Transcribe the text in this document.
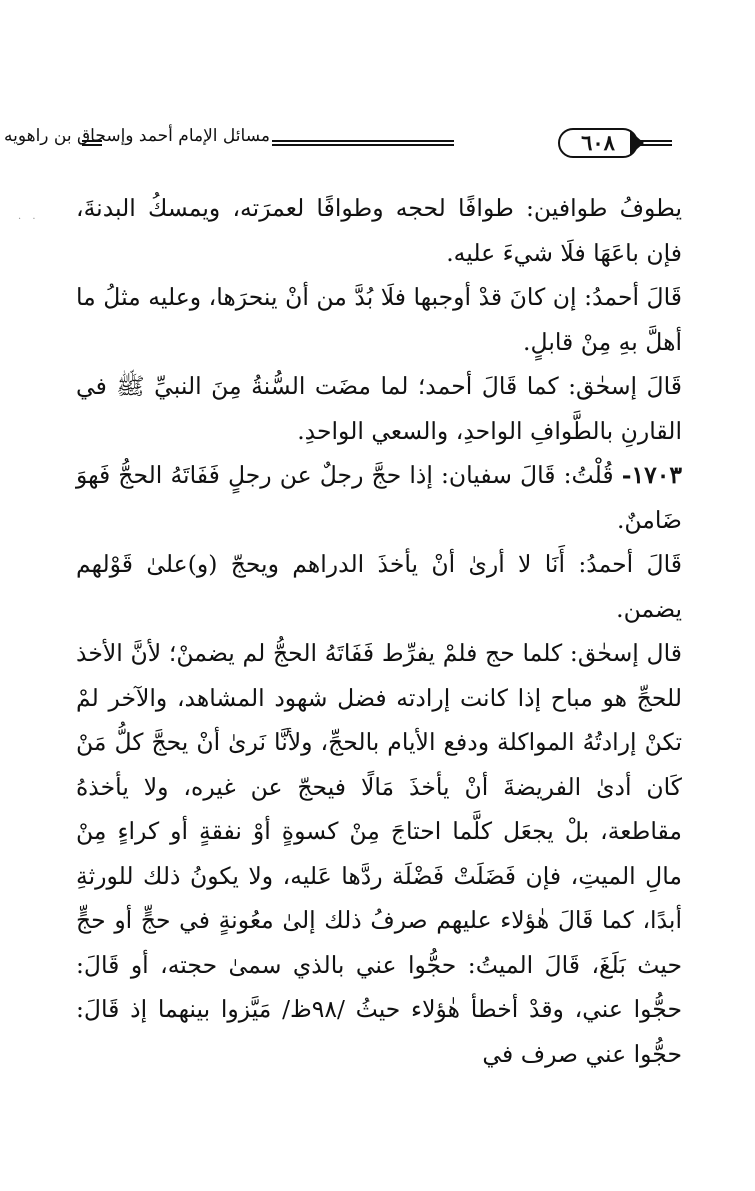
مسائل الإمام أحمد وإسحاق بن راهويه	٦٠٨
· · يطوفُ طوافين: طوافًا لحجه وطوافًا لعمرَته، ويمسكُ البدنةَ، فإن باعَهَا فلَا شيءَ عليه.

قَالَ أحمدُ: إن كانَ قدْ أوجبها فلَا بُدَّ من أنْ ينحرَها، وعليه مثلُ ما أهلَّ بهِ مِنْ قابلٍ.

قَالَ إسحٰق: كما قَالَ أحمد؛ لما مضَت السُّنةُ مِنَ النبيِّ ﷺ في القارنِ بالطَّوافِ الواحدِ، والسعي الواحدِ.

١٧٠٣- قُلْتُ: قَالَ سفيان: إذا حجَّ رجلٌ عن رجلٍ فَفَاتَهُ الحجُّ فَهوَ ضَامنٌ.

قَالَ أحمدُ: أَنَا لا أرىٰ أنْ يأخذَ الدراهم ويحجّ (و)علىٰ قَوْلهم يضمن.

قال إسحٰق: كلما حج فلمْ يفرِّط فَفَاتَهُ الحجُّ لم يضمنْ؛ لأنَّ الأخذ للحجِّ هو مباح إذا كانت إرادته فضل شهود المشاهد، والآخر لمْ تكنْ إرادتُهُ المواكلة ودفع الأيام بالحجِّ، ولأنَّا نَرىٰ أنْ يحجَّ كلُّ مَنْ كَان أدىٰ الفريضةَ أنْ يأخذَ مَالًا فيحجّ عن غيره، ولا يأخذهُ مقاطعة، بلْ يجعَل كلَّما احتاجَ مِنْ كسوةٍ أوْ نفقةٍ أو كراءٍ مِنْ مالِ الميتِ، فإن فَضَلَتْ فَضْلَة ردَّها عَليه، ولا يكونُ ذلك للورثةِ أبدًا، كما قَالَ هٰؤلاء عليهم صرفُ ذلك إلىٰ معُونةٍ في حجٍّ أو حجٍّ حيث بَلَغَ، قَالَ الميتُ: حجُّوا عني بالذي سمىٰ حجته، أو قَالَ: حجُّوا عني، وقدْ أخطأ هٰؤلاء حيثُ /٩٨ظ/ مَيَّزوا بينهما إذ قَالَ: حجُّوا عني صرف في
